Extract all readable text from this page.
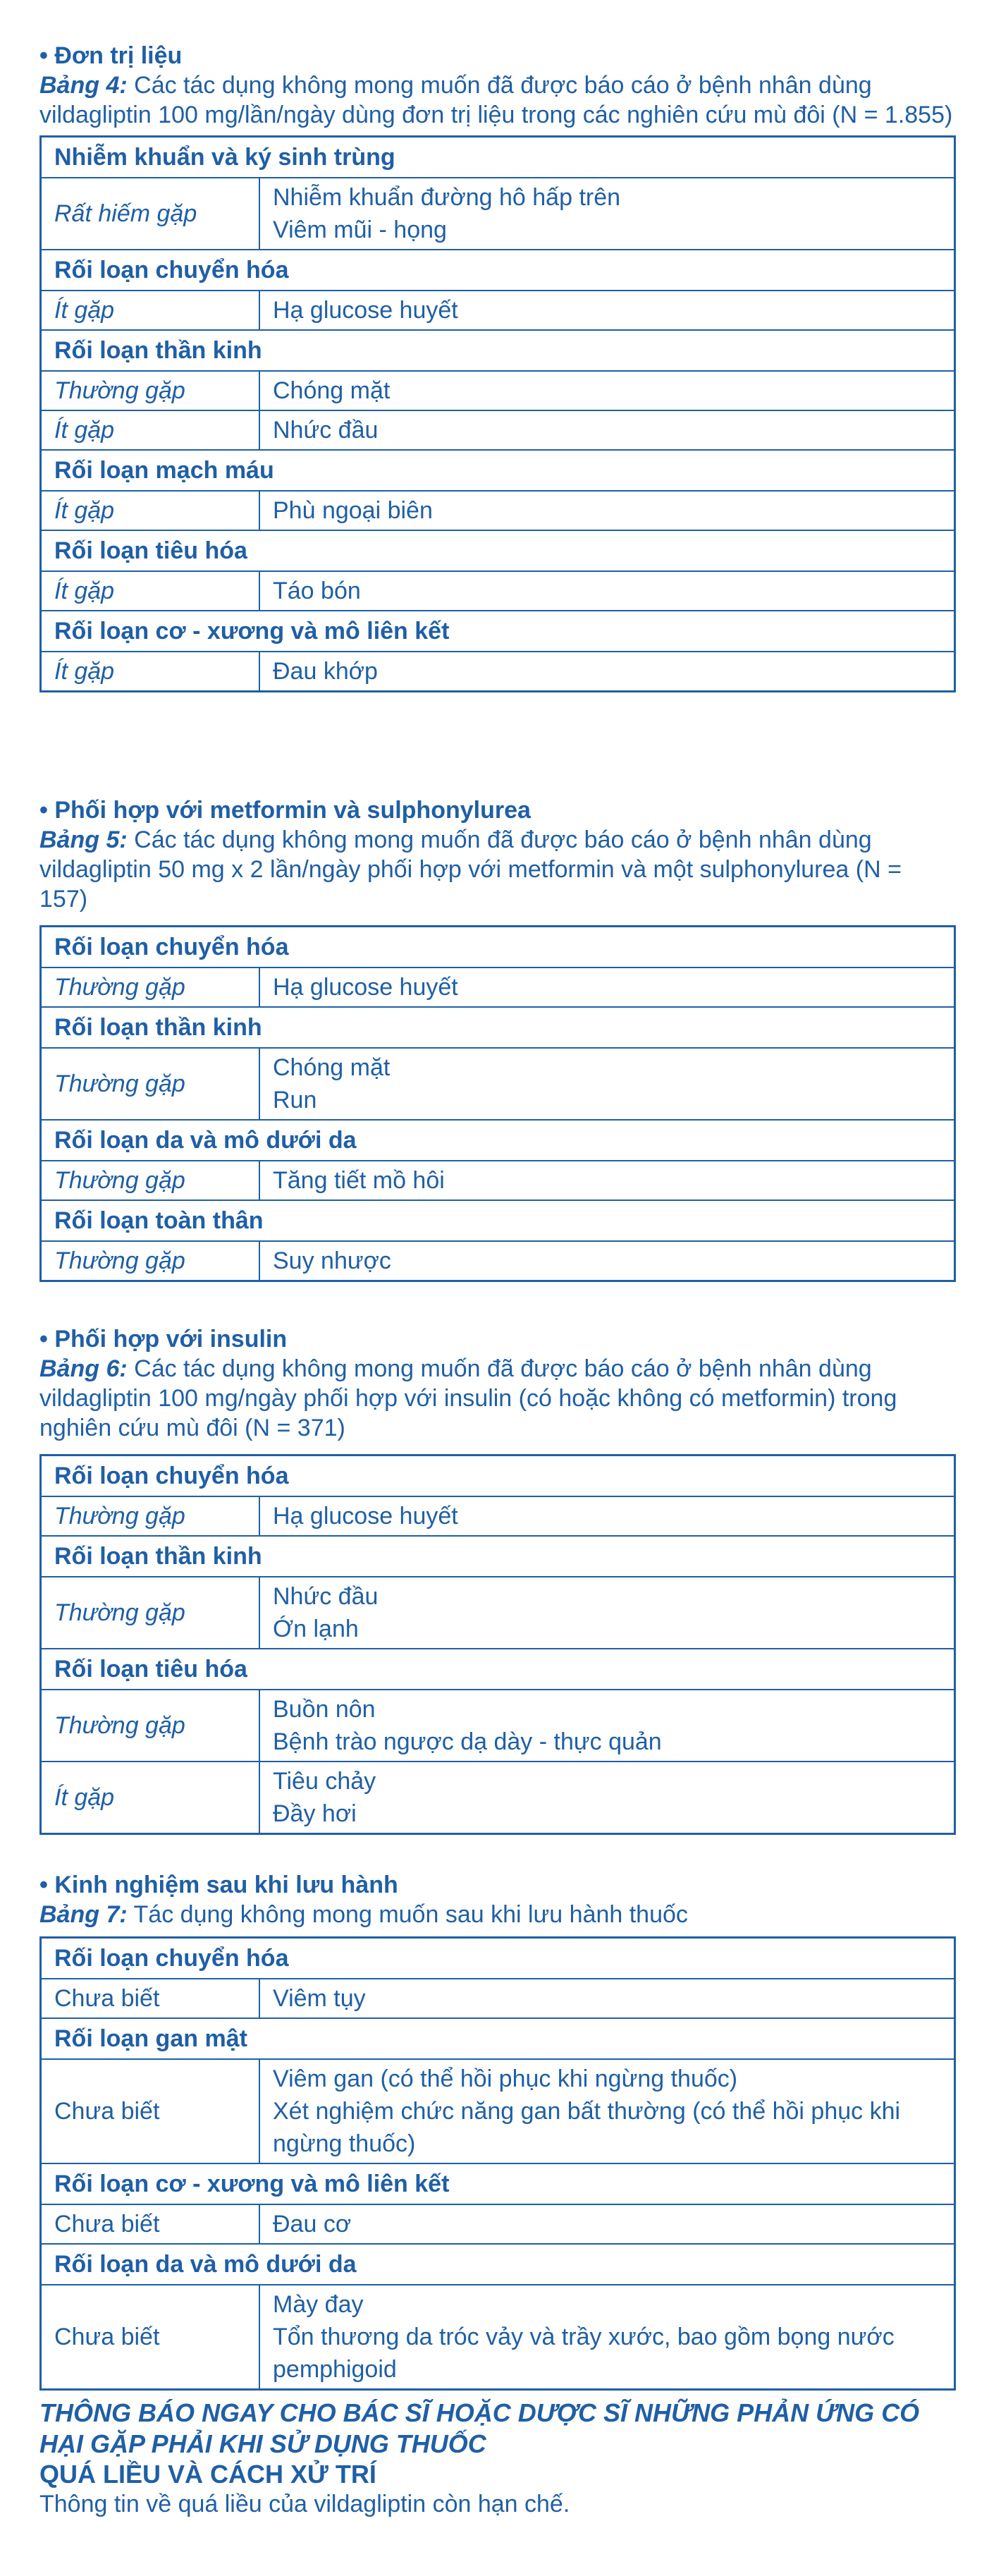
• Đơn trị liệu

Bảng 4: Các tác dụng không mong muốn đã được báo cáo ở bệnh nhân dùng vildagliptin 100 mg/lần/ngày dùng đơn trị liệu trong các nghiên cứu mù đôi (N = 1.855)

Nhiễm khuẩn và ký sinh trùng	
Rất hiếm gặp	Nhiễm khuẩn đường hô hấp trên
Viêm mũi - họng

Rối loạn chuyển hóa	
Ít gặp	Hạ glucose huyết

Rối loạn thần kinh	
Thường gặp	Chóng mặt

Ít gặp	Nhức đầu

Rối loạn mạch máu	
Ít gặp	Phù ngoại biên

Rối loạn tiêu hóa	
Ít gặp	Táo bón

Rối loạn cơ - xương và mô liên kết	
Ít gặp	Đau khớp

• Phối hợp với metformin và sulphonylurea

Bảng 5: Các tác dụng không mong muốn đã được báo cáo ở bệnh nhân dùng vildagliptin 50 mg x 2 lần/ngày phối hợp với metformin và một sulphonylurea (N = 157)

Rối loạn chuyển hóa	
Thường gặp	Hạ glucose huyết

Rối loạn thần kinh	
Thường gặp	Chóng mặt
Run

Rối loạn da và mô dưới da	
Thường gặp	Tăng tiết mồ hôi

Rối loạn toàn thân	
Thường gặp	Suy nhược

• Phối hợp với insulin

Bảng 6: Các tác dụng không mong muốn đã được báo cáo ở bệnh nhân dùng vildagliptin 100 mg/ngày phối hợp với insulin (có hoặc không có metformin) trong nghiên cứu mù đôi (N = 371)

Rối loạn chuyển hóa	
Thường gặp	Hạ glucose huyết

Rối loạn thần kinh	
Thường gặp	Nhức đầu
Ớn lạnh

Rối loạn tiêu hóa	
Thường gặp	Buồn nôn
Bệnh trào ngược dạ dày - thực quản

Ít gặp	Tiêu chảy
Đầy hơi

• Kinh nghiệm sau khi lưu hành

Bảng 7: Tác dụng không mong muốn sau khi lưu hành thuốc

Rối loạn chuyển hóa	
Chưa biết	Viêm tụy

Rối loạn gan mật	
Chưa biết	Viêm gan (có thể hồi phục khi ngừng thuốc)
Xét nghiệm chức năng gan bất thường (có thể hồi phục khi ngừng thuốc)

Rối loạn cơ - xương và mô liên kết	
Chưa biết	Đau cơ

Rối loạn da và mô dưới da	
Chưa biết	Mày đay
Tổn thương da tróc vảy và trầy xước, bao gồm bọng nước pemphigoid

THÔNG BÁO NGAY CHO BÁC SĨ HOẶC DƯỢC SĨ NHỮNG PHẢN ỨNG CÓ HẠI GẶP PHẢI KHI SỬ DỤNG THUỐC

QUÁ LIỀU VÀ CÁCH XỬ TRÍ

Thông tin về quá liều của vildagliptin còn hạn chế.
